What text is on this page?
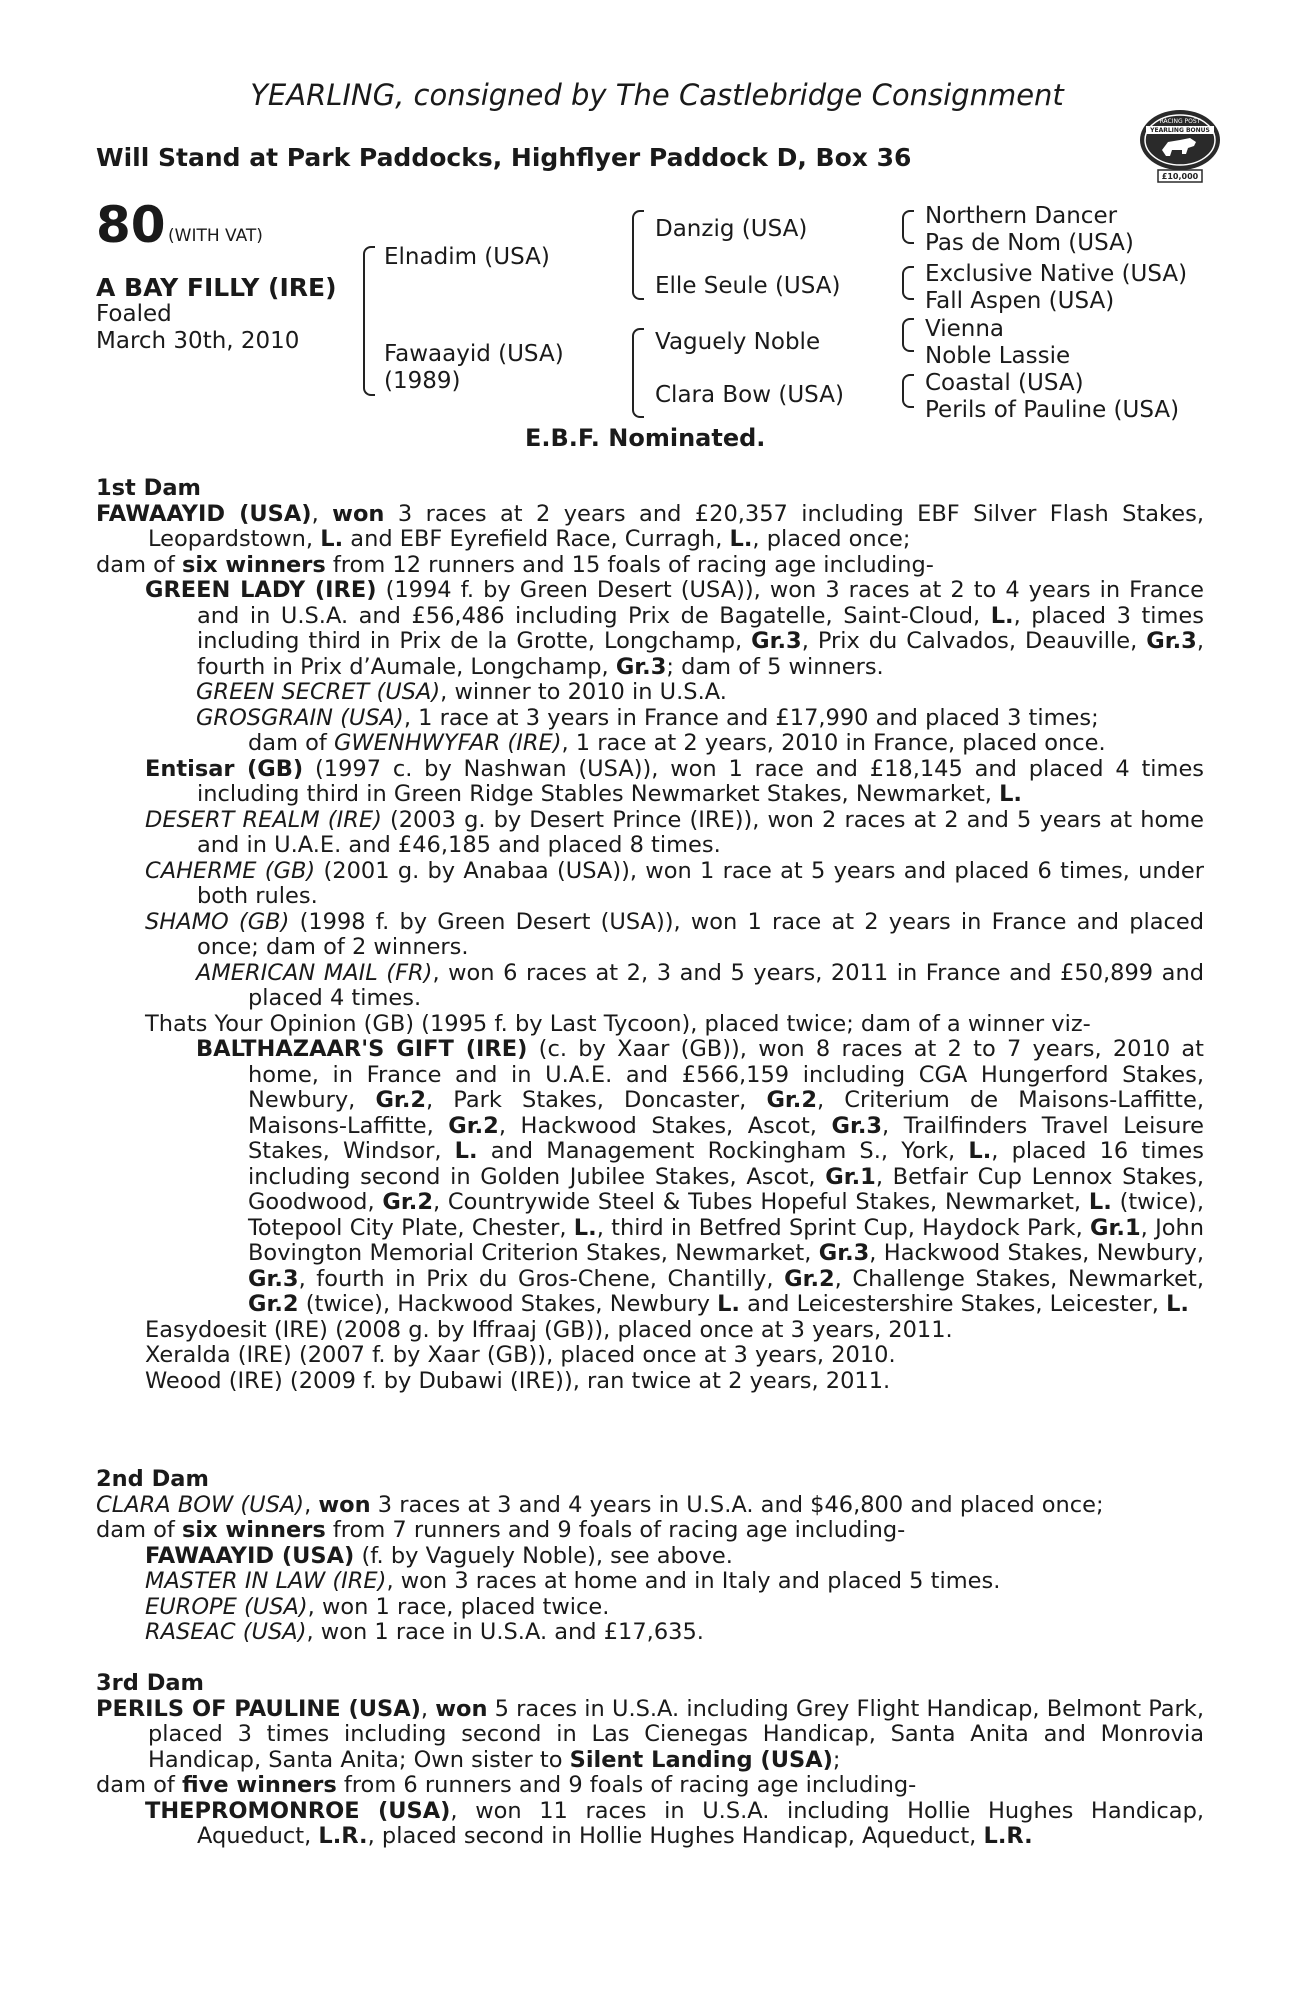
YEARLING, consigned by The Castlebridge Consignment
Will Stand at Park Paddocks, Highflyer Paddock D, Box 36
RACING POST
YEARLING BONUS
£10,000
80 (WITH VAT)
A BAY FILLY (IRE)
Foaled
March 30th, 2010
Elnadim (USA)
Fawaayid (USA)
(1989)
Danzig (USA)
Elle Seule (USA)
Vaguely Noble
Clara Bow (USA)
Northern Dancer
Pas de Nom (USA)
Exclusive Native (USA)
Fall Aspen (USA)
Vienna
Noble Lassie
Coastal (USA)
Perils of Pauline (USA)
E.B.F. Nominated.

1st Dam

FAWAAYID (USA), won 3 races at 2 years and £20,357 including EBF Silver Flash Stakes, Leopardstown, L. and EBF Eyrefield Race, Curragh, L., placed once;

dam of six winners from 12 runners and 15 foals of racing age including-

GREEN LADY (IRE) (1994 f. by Green Desert (USA)), won 3 races at 2 to 4 years in France and in U.S.A. and £56,486 including Prix de Bagatelle, Saint-Cloud, L., placed 3 times including third in Prix de la Grotte, Longchamp, Gr.3, Prix du Calvados, Deauville, Gr.3, fourth in Prix d’Aumale, Longchamp, Gr.3; dam of 5 winners.

GREEN SECRET (USA), winner to 2010 in U.S.A.

GROSGRAIN (USA), 1 race at 3 years in France and £17,990 and placed 3 times;

dam of GWENHWYFAR (IRE), 1 race at 2 years, 2010 in France, placed once.

Entisar (GB) (1997 c. by Nashwan (USA)), won 1 race and £18,145 and placed 4 times including third in Green Ridge Stables Newmarket Stakes, Newmarket, L.

DESERT REALM (IRE) (2003 g. by Desert Prince (IRE)), won 2 races at 2 and 5 years at home and in U.A.E. and £46,185 and placed 8 times.

CAHERME (GB) (2001 g. by Anabaa (USA)), won 1 race at 5 years and placed 6 times, under both rules.

SHAMO (GB) (1998 f. by Green Desert (USA)), won 1 race at 2 years in France and placed once; dam of 2 winners.

AMERICAN MAIL (FR), won 6 races at 2, 3 and 5 years, 2011 in France and £50,899 and placed 4 times.

Thats Your Opinion (GB) (1995 f. by Last Tycoon), placed twice; dam of a winner viz-

BALTHAZAAR'S GIFT (IRE) (c. by Xaar (GB)), won 8 races at 2 to 7 years, 2010 at home, in France and in U.A.E. and £566,159 including CGA Hungerford Stakes, Newbury, Gr.2, Park Stakes, Doncaster, Gr.2, Criterium de Maisons-Laffitte, Maisons-Laffitte, Gr.2, Hackwood Stakes, Ascot, Gr.3, Trailfinders Travel Leisure Stakes, Windsor, L. and Management Rockingham S., York, L., placed 16 times including second in Golden Jubilee Stakes, Ascot, Gr.1, Betfair Cup Lennox Stakes, Goodwood, Gr.2, Countrywide Steel & Tubes Hopeful Stakes, Newmarket, L. (twice), Totepool City Plate, Chester, L., third in Betfred Sprint Cup, Haydock Park, Gr.1, John Bovington Memorial Criterion Stakes, Newmarket, Gr.3, Hackwood Stakes, Newbury, Gr.3, fourth in Prix du Gros-Chene, Chantilly, Gr.2, Challenge Stakes, Newmarket, Gr.2 (twice), Hackwood Stakes, Newbury L. and Leicestershire Stakes, Leicester, L.

Easydoesit (IRE) (2008 g. by Iffraaj (GB)), placed once at 3 years, 2011.

Xeralda (IRE) (2007 f. by Xaar (GB)), placed once at 3 years, 2010.

Weood (IRE) (2009 f. by Dubawi (IRE)), ran twice at 2 years, 2011.

2nd Dam

CLARA BOW (USA), won 3 races at 3 and 4 years in U.S.A. and $46,800 and placed once;

dam of six winners from 7 runners and 9 foals of racing age including-

FAWAAYID (USA) (f. by Vaguely Noble), see above.

MASTER IN LAW (IRE), won 3 races at home and in Italy and placed 5 times.

EUROPE (USA), won 1 race, placed twice.

RASEAC (USA), won 1 race in U.S.A. and £17,635.

3rd Dam

PERILS OF PAULINE (USA), won 5 races in U.S.A. including Grey Flight Handicap, Belmont Park, placed 3 times including second in Las Cienegas Handicap, Santa Anita and Monrovia Handicap, Santa Anita; Own sister to Silent Landing (USA);

dam of five winners from 6 runners and 9 foals of racing age including-

THEPROMONROE (USA), won 11 races in U.S.A. including Hollie Hughes Handicap, Aqueduct, L.R., placed second in Hollie Hughes Handicap, Aqueduct, L.R.
